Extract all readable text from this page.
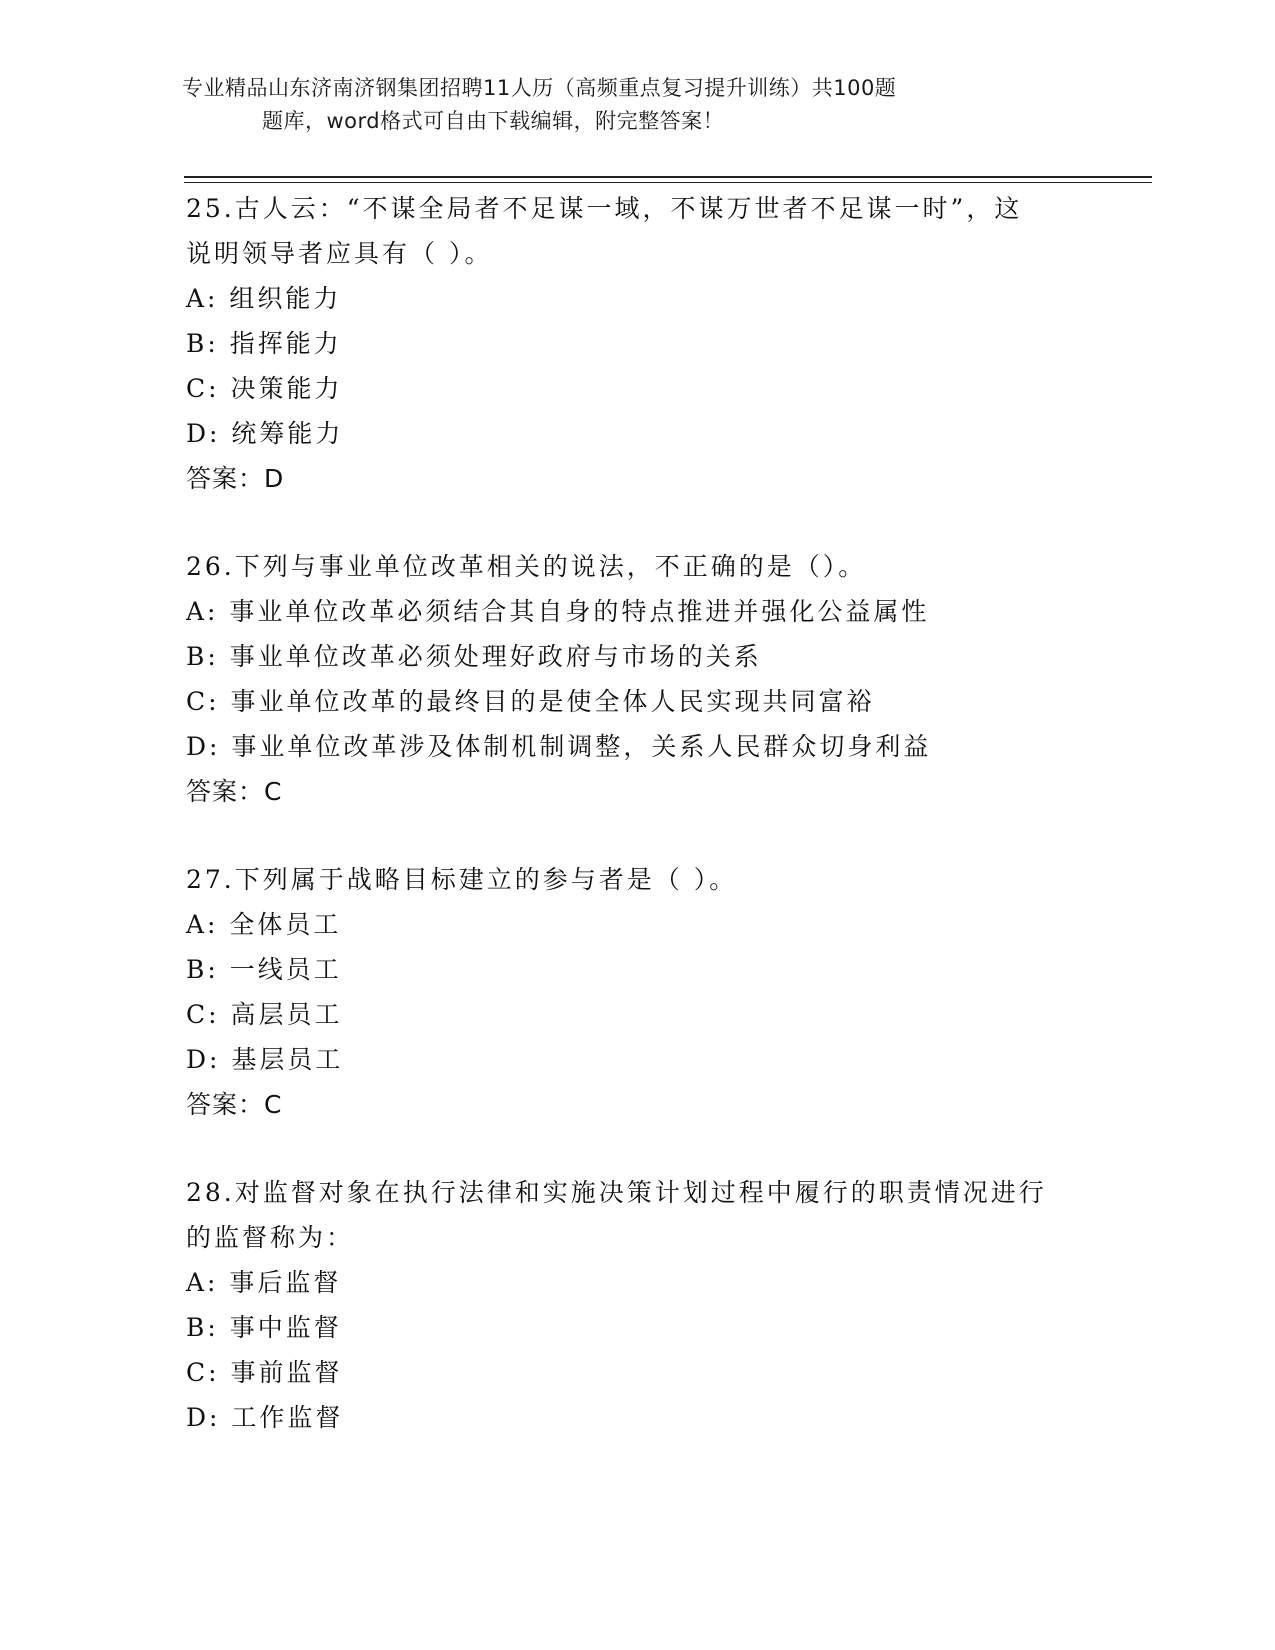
专业精品山东济南济钢集团招聘11人历（高频重点复习提升训练）共100题
题库，word格式可自由下载编辑，附完整答案！
25.古人云：“不谋全局者不足谋一域，不谋万世者不足谋一时”，这
说明领导者应具有（ ）。
A: 组织能力
B: 指挥能力
C: 决策能力
D: 统筹能力
答案：D
26.下列与事业单位改革相关的说法，不正确的是（）。
A: 事业单位改革必须结合其自身的特点推进并强化公益属性
B: 事业单位改革必须处理好政府与市场的关系
C: 事业单位改革的最终目的是使全体人民实现共同富裕
D: 事业单位改革涉及体制机制调整，关系人民群众切身利益
答案：C
27.下列属于战略目标建立的参与者是（ ）。
A: 全体员工
B: 一线员工
C: 高层员工
D: 基层员工
答案：C
28.对监督对象在执行法律和实施决策计划过程中履行的职责情况进行
的监督称为：
A: 事后监督
B: 事中监督
C: 事前监督
D: 工作监督
